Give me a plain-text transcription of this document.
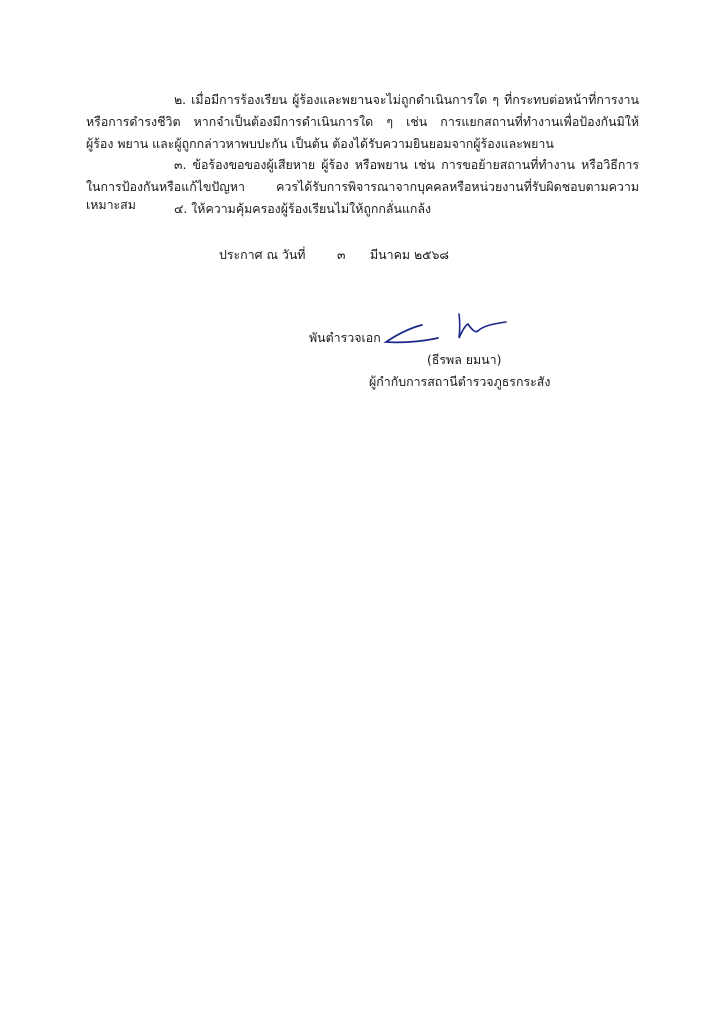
๒. เมื่อมีการร้องเรียน ผู้ร้องและพยานจะไม่ถูกดำเนินการใด ๆ ที่กระทบต่อหน้าที่การงาน
หรือการดำรงชีวิต หากจำเป็นต้องมีการดำเนินการใด ๆ เช่น การแยกสถานที่ทำงานเพื่อป้องกันมิให้
ผู้ร้อง พยาน และผู้ถูกกล่าวหาพบปะกัน เป็นต้น ต้องได้รับความยินยอมจากผู้ร้องและพยาน
๓. ข้อร้องขอของผู้เสียหาย ผู้ร้อง หรือพยาน เช่น การขอย้ายสถานที่ทำงาน หรือวิธีการ
ในการป้องกันหรือแก้ไขปัญหา ควรได้รับการพิจารณาจากบุคคลหรือหน่วยงานที่รับผิดชอบตามความเหมาะสม	๔. ให้ความคุ้มครองผู้ร้องเรียนไม่ให้ถูกกลั่นแกล้ง
ประกาศ ณ วันที่	๓ มีนาคม ๒๕๖๘
พันตำรวจเอก
(ธีรพล ยมนา)
ผู้กำกับการสถานีตำรวจภูธรกระสัง
